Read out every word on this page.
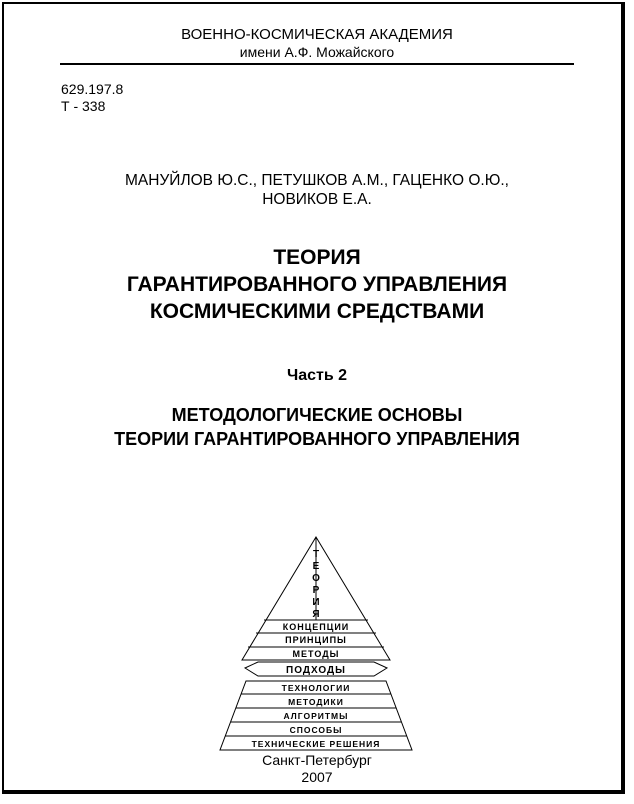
ВОЕННО-КОСМИЧЕСКАЯ АКАДЕМИЯ
имени А.Ф. Можайского
629.197.8
Т - 338
МАНУЙЛОВ Ю.С., ПЕТУШКОВ А.М., ГАЦЕНКО О.Ю.,
НОВИКОВ Е.А.
ТЕОРИЯ
ГАРАНТИРОВАННОГО УПРАВЛЕНИЯ
КОСМИЧЕСКИМИ СРЕДСТВАМИ
Часть 2
МЕТОДОЛОГИЧЕСКИЕ ОСНОВЫ
ТЕОРИИ ГАРАНТИРОВАННОГО УПРАВЛЕНИЯ
Т
Е
О
Р
И
Я
КОНЦЕПЦИИ
ПРИНЦИПЫ
МЕТОДЫ
ПОДХОДЫ
ТЕХНОЛОГИИ
МЕТОДИКИ
АЛГОРИТМЫ
СПОСОБЫ
ТЕХНИЧЕСКИЕ РЕШЕНИЯ
Санкт-Петербург
2007
